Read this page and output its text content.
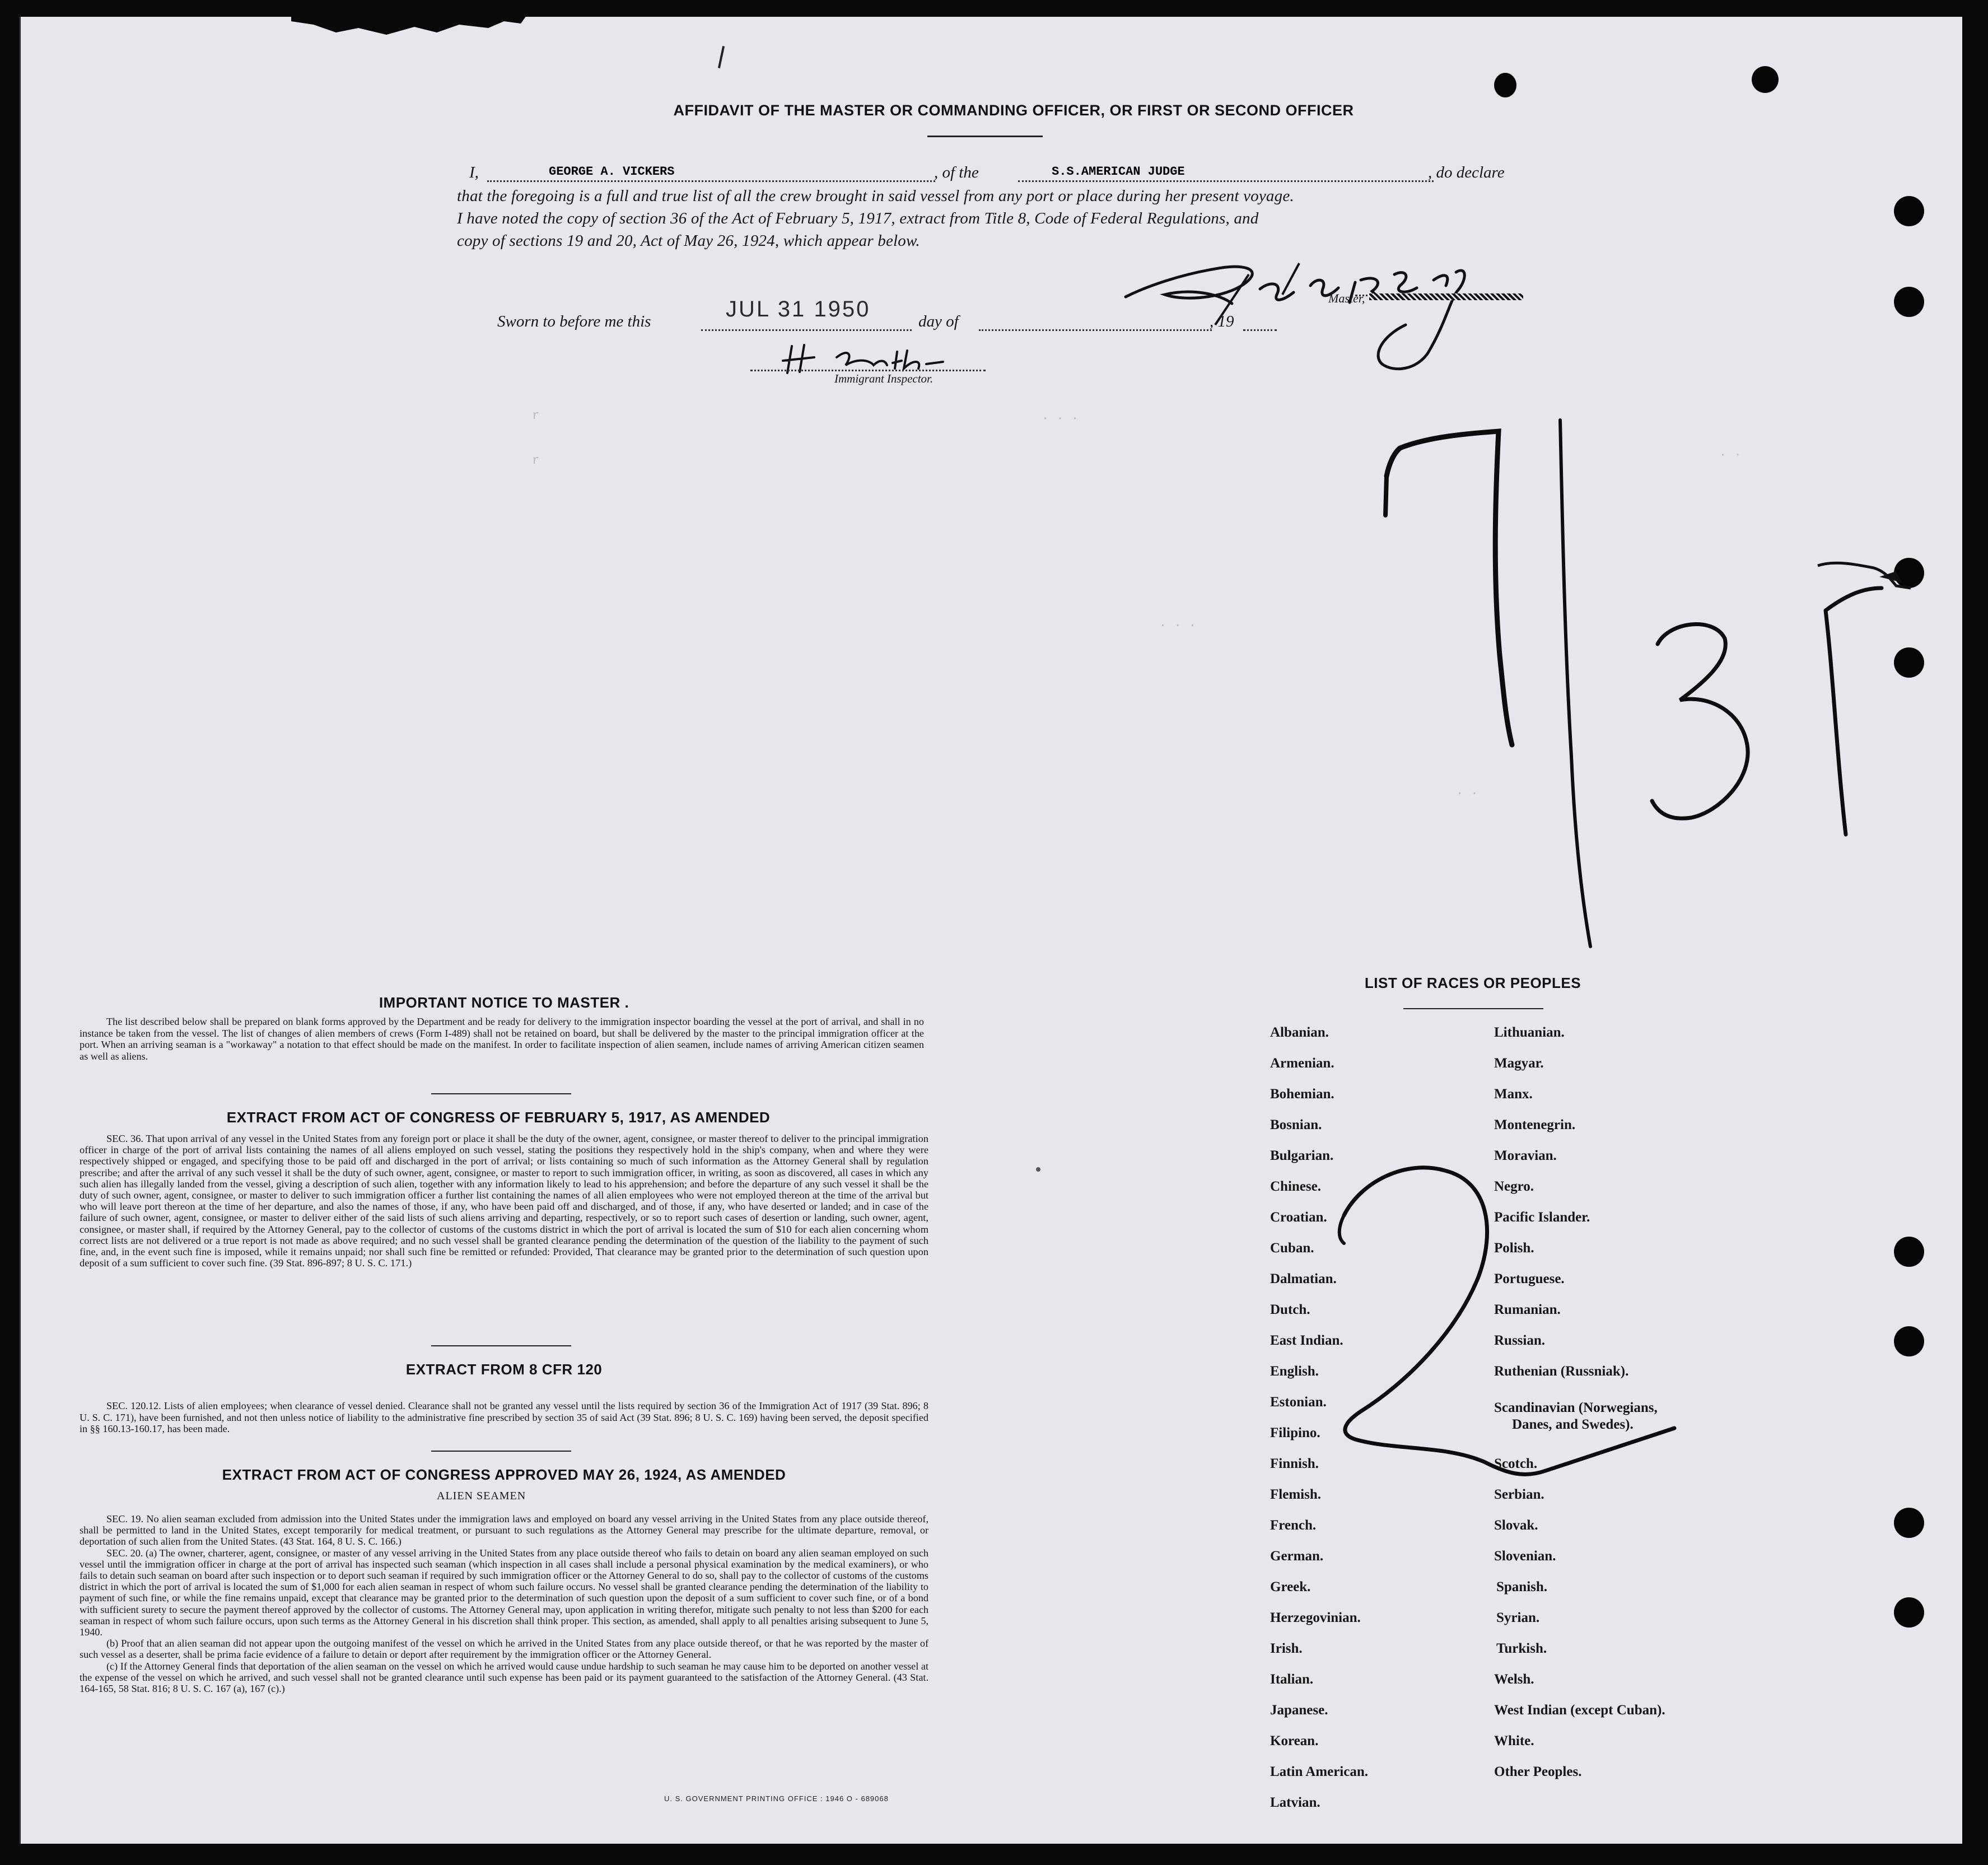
r
r
· · ·
. . .
. .
· ·
AFFIDAVIT OF THE MASTER OR COMMANDING OFFICER, OR FIRST OR SECOND OFFICER
I,	GEORGE A. VICKERS	, of the	S.S.AMERICAN JUDGE	, do declare
that the foregoing is a full and true list of all the crew brought in said vessel from any port or place during her present voyage.
I have noted the copy of section 36 of the Act of February 5, 1917, extract from Title 8, Code of Federal Regulations, and
copy of sections 19 and 20, Act of May 26, 1924, which appear below.
Master,
Sworn to before me this	JUL 31 1950	day of	, 19
Immigrant Inspector.
IMPORTANT NOTICE TO MASTER .

The list described below shall be prepared on blank forms approved by the Department and be ready for delivery to the immigration inspector boarding the vessel at the port of arrival, and shall in no instance be taken from the vessel. The list of changes of alien members of crews (Form I-489) shall not be retained on board, but shall be delivered by the master to the principal immigration officer at the port. When an arriving seaman is a "workaway" a notation to that effect should be made on the manifest. In order to facilitate inspection of alien seamen, include names of arriving American citizen seamen as well as aliens.

EXTRACT FROM ACT OF CONGRESS OF FEBRUARY 5, 1917, AS AMENDED

SEC. 36. That upon arrival of any vessel in the United States from any foreign port or place it shall be the duty of the owner, agent, consignee, or master thereof to deliver to the principal immigration officer in charge of the port of arrival lists containing the names of all aliens employed on such vessel, stating the positions they respectively hold in the ship's company, when and where they were respectively shipped or engaged, and specifying those to be paid off and discharged in the port of arrival; or lists containing so much of such information as the Attorney General shall by regulation prescribe; and after the arrival of any such vessel it shall be the duty of such owner, agent, consignee, or master to report to such immigration officer, in writing, as soon as discovered, all cases in which any such alien has illegally landed from the vessel, giving a description of such alien, together with any information likely to lead to his apprehension; and before the departure of any such vessel it shall be the duty of such owner, agent, consignee, or master to deliver to such immigration officer a further list containing the names of all alien employees who were not employed thereon at the time of the arrival but who will leave port thereon at the time of her departure, and also the names of those, if any, who have been paid off and discharged, and of those, if any, who have deserted or landed; and in case of the failure of such owner, agent, consignee, or master to deliver either of the said lists of such aliens arriving and departing, respectively, or so to report such cases of desertion or landing, such owner, agent, consignee, or master shall, if required by the Attorney General, pay to the collector of customs of the customs district in which the port of arrival is located the sum of $10 for each alien concerning whom correct lists are not delivered or a true report is not made as above required; and no such vessel shall be granted clearance pending the determination of the question of the liability to the payment of such fine, and, in the event such fine is imposed, while it remains unpaid; nor shall such fine be remitted or refunded: Provided, That clearance may be granted prior to the determination of such question upon deposit of a sum sufficient to cover such fine. (39 Stat. 896-897; 8 U. S. C. 171.)

EXTRACT FROM 8 CFR 120

SEC. 120.12. Lists of alien employees; when clearance of vessel denied. Clearance shall not be granted any vessel until the lists required by section 36 of the Immigration Act of 1917 (39 Stat. 896; 8 U. S. C. 171), have been furnished, and not then unless notice of liability to the administrative fine prescribed by section 35 of said Act (39 Stat. 896; 8 U. S. C. 169) having been served, the deposit specified in §§ 160.13-160.17, has been made.

EXTRACT FROM ACT OF CONGRESS APPROVED MAY 26, 1924, AS AMENDED
ALIEN SEAMEN

SEC. 19. No alien seaman excluded from admission into the United States under the immigration laws and employed on board any vessel arriving in the United States from any place outside thereof, shall be permitted to land in the United States, except temporarily for medical treatment, or pursuant to such regulations as the Attorney General may prescribe for the ultimate departure, removal, or deportation of such alien from the United States. (43 Stat. 164, 8 U. S. C. 166.)

SEC. 20. (a) The owner, charterer, agent, consignee, or master of any vessel arriving in the United States from any place outside thereof who fails to detain on board any alien seaman employed on such vessel until the immigration officer in charge at the port of arrival has inspected such seaman (which inspection in all cases shall include a personal physical examination by the medical examiners), or who fails to detain such seaman on board after such inspection or to deport such seaman if required by such immigration officer or the Attorney General to do so, shall pay to the collector of customs of the customs district in which the port of arrival is located the sum of $1,000 for each alien seaman in respect of whom such failure occurs. No vessel shall be granted clearance pending the determination of the liability to payment of such fine, or while the fine remains unpaid, except that clearance may be granted prior to the determination of such question upon the deposit of a sum sufficient to cover such fine, or of a bond with sufficient surety to secure the payment thereof approved by the collector of customs. The Attorney General may, upon application in writing therefor, mitigate such penalty to not less than $200 for each seaman in respect of whom such failure occurs, upon such terms as the Attorney General in his discretion shall think proper. This section, as amended, shall apply to all penalties arising subsequent to June 5, 1940.

(b) Proof that an alien seaman did not appear upon the outgoing manifest of the vessel on which he arrived in the United States from any place outside thereof, or that he was reported by the master of such vessel as a deserter, shall be prima facie evidence of a failure to detain or deport after requirement by the immigration officer or the Attorney General.

(c) If the Attorney General finds that deportation of the alien seaman on the vessel on which he arrived would cause undue hardship to such seaman he may cause him to be deported on another vessel at the expense of the vessel on which he arrived, and such vessel shall not be granted clearance until such expense has been paid or its payment guaranteed to the satisfaction of the Attorney General. (43 Stat. 164-165, 58 Stat. 816; 8 U. S. C. 167 (a), 167 (c).)

U. S. GOVERNMENT PRINTING OFFICE : 1946 O - 689068
LIST OF RACES OR PEOPLES
Albanian.
Armenian.
Bohemian.
Bosnian.
Bulgarian.
Chinese.
Croatian.
Cuban.
Dalmatian.
Dutch.
East Indian.
English.
Estonian.
Filipino.
Finnish.
Flemish.
French.
German.
Greek.
Herzegovinian.
Irish.
Italian.
Japanese.
Korean.
Latin American.
Latvian.
Lithuanian.
Magyar.
Manx.
Montenegrin.
Moravian.
Negro.
Pacific Islander.
Polish.
Portuguese.
Rumanian.
Russian.
Ruthenian (Russniak).
Scandinavian (Norwegians,
Danes, and Swedes).
Scotch.
Serbian.
Slovak.
Slovenian.
Spanish.
Syrian.
Turkish.
Welsh.
West Indian (except Cuban).
White.
Other Peoples.
